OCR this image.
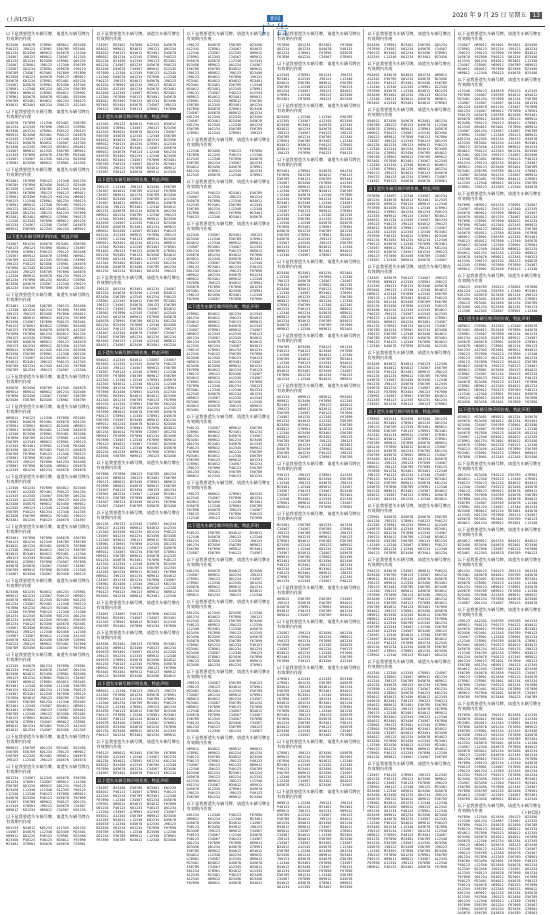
(上海1/3页)	新闻
广告
2020 年 9 月 25 日 星期五 13
以下是我要遗失车辆号牌，请遗失车辆号牌在有效期内作废
B23456	D45678	G78901	H89012	B23456
P40123	J90123	G78901	E56789	M23401
K01234	B23456	H89012	D45678	L12340
C34567	J90123	H89012	C34567	A12345
Q01234	Q01234	B23456	G78901	Q01234
C34567	G78901	J90123	L12340	E56789
C34567	Q01234	G78901	D45678	J90123
E56789	C34567	M23401	F67890	F67890
B23456	P40123	D45678	P40123	H89012
D45678	K01234	G78901	M23401	K01234
C34567	D45678	G78901	B23456	A12345
G78901	L12340	K01234	Q01234	E56789
G78901	H89012	G78901	N34012	G78901
G78901	D45678	D45678	M23401	B23456
E56789	M23401	N34012	Q01234	P40123
N34012	M23401	K01234	J90123	A12345
以下是我要遗失车辆号牌，请遗失车辆号牌在有效期内作废
D45678	F67890	L12340	M23401	E56789
Q01234	A12345	F67890	J90123	G78901
B23456	Q01234	G78901	P40123	J90123
H89012	B23456	M23401	P40123	D45678
A12345	C34567	L12340	L12340	K01234
P40123	D45678	N34012	C34567	A12345
B23456	A12345	J90123	N34012	N34012
C34567	H89012	A12345	E56789	H89012
A12345	F67890	D45678	E56789	M23401
C34567	C34567	A12345	K01234	B23456
G78901	B23456	H89012	G78901	A12345
以下是我要遗失车辆号牌，请遗失车辆号牌在有效期内作废
M23401	F67890	P40123	L12340	K01234
E56789	F67890	B23456	P40123	B23456
B23456	C34567	E56789	A12345	K01234
G78901	F67890	J90123	P40123	H89012
G78901	B23456	P40123	K01234	H89012
P40123	L12340	G78901	Q01234	P40123
G78901	H89012	L12340	M23401	P40123
J90123	Q01234	K01234	N34012	G78901
B23456	Q01234	J90123	K01234	F67890
M23401	M23401	H89012	G78901	P40123
L12340	A12345	F67890	H89012	Q01234
K01234	C34567	L12340	C34567	D45678
H89012	E56789	A12345	Q01234	H89012
以下遗失车辆号牌声明作废，特此声明
C34567	K01234	D45678	M23401	E56789
P40123	J90123	F67890	N34012	C34567
F67890	G78901	P40123	J90123	B23456
C34567	H89012	D45678	G78901	H89012
E56789	A12345	A12345	M23401	G78901
J90123	P40123	B23456	G78901	D45678
F67890	A12345	B23456	L12340	N34012
A12345	J90123	E56789	F67890	D45678
L12340	H89012	D45678	K01234	P40123
Q01234	F67890	Q01234	N34012	G78901
B23456	D45678	C34567	L12340	J90123
Q01234	E56789	F67890	E56789	C34567
以下是我要遗失车辆号牌，请遗失车辆号牌在有效期内作废
M23401	L12340	E56789	J90123	B23456
L12340	Q01234	K01234	F67890	F67890
J90123	J90123	B23456	F67890	N34012
M23401	H89012	H89012	K01234	F67890
B23456	C34567	F67890	P40123	M23401
P40123	G78901	N34012	G78901	B23456
P40123	F67890	D45678	D45678	A12345
F67890	F67890	Q01234	N34012	K01234
J90123	A12345	G78901	C34567	H89012
E56789	D45678	H89012	J90123	D45678
J90123	K01234	H89012	B23456	A12345
H89012	G78901	A12345	K01234	B23456
B23456	E56789	G78901	L12340	Q01234
P40123	C34567	A12345	N34012	Q01234
N34012	M23401	J90123	P40123	A12345
E56789	K01234	A12345	K01234	F67890
E56789	Q01234	J90123	C34567	L12340
以下是我要遗失车辆号牌，请遗失车辆号牌在有效期内作废
D45678	B23456	E56789	A12345	D45678
H89012	H89012	H89012	Q01234	B23456
F67890	B23456	C34567	C34567	E56789
B23456	E56789	B23456	G78901	E56789
以下是我要遗失车辆号牌，请遗失车辆号牌在有效期内作废
H89012	P40123	L12340	F67890	M23401
G78901	D45678	M23401	D45678	K01234
G78901	G78901	N34012	B23456	H89012
G78901	D45678	M23401	L12340	D45678
L12340	B23456	G78901	M23401	B23456
F67890	E56789	A12345	G78901	L12340
E56789	A12345	H89012	G78901	J90123
A12345	M23401	G78901	L12340	M23401
B23456	Q01234	M23401	P40123	D45678
E56789	F67890	P40123	L12340	P40123
G78901	F67890	M23401	C34567	M23401
J90123	J90123	F67890	K01234	B23456
G78901	F67890	B23456	H89012	D45678
A12345	Q01234	K01234	D45678	D45678
以下是我要遗失车辆号牌，请遗失车辆号牌在有效期内作废
L12340	K01234	F67890	N34012	B23456
C34567	A12345	M23401	P40123	K01234
A12345	A12345	C34567	E56789	Q01234
A12345	A12345	D45678	J90123	K01234
B23456	D45678	H89012	B23456	H89012
A12345	J90123	L12340	L12340	Q01234
E56789	P40123	K01234	L12340	A12345
B23456	E56789	H89012	M23401	J90123
M23401	Q01234	P40123	D45678	C34567
以下是我要遗失车辆号牌，请遗失车辆号牌在有效期内作废
M23401	F67890	F67890	D45678	E56789
P40123	Q01234	A12345	E56789	E56789
N34012	Q01234	M23401	D45678	F67890
L12340	J90123	N34012	J90123	E56789
N34012	M23401	N34012	M23401	L12340
J90123	A12345	M23401	Q01234	B23456
H89012	G78901	F67890	C34567	F67890
D45678	D45678	C34567	C34567	C34567
E56789	H89012	F67890	B23456	L12340
C34567	B23456	C34567	B23456	J90123
以下是我要遗失车辆号牌，请遗失车辆号牌在有效期内作废
B23456	K01234	N34012	Q01234	G78901
H89012	K01234	C34567	P40123	H89012
D45678	H89012	A12345	B23456	K01234
K01234	C34567	M23401	L12340	P40123
F67890	K01234	J90123	M23401	P40123
L12340	F67890	P40123	L12340	L12340
Q01234	A12345	B23456	K01234	Q01234
Q01234	D45678	A12345	M23401	E56789
K01234	P40123	B23456	D45678	M23401
C34567	B23456	N34012	N34012	N34012
H89012	J90123	L12340	B23456	L12340
C34567	C34567	N34012	L12340	A12345
D45678	K01234	B23456	E56789	G78901
P40123	J90123	H89012	M23401	F67890
E56789	B23456	B23456	C34567	F67890
以下是我要遗失车辆号牌，请遗失车辆号牌在有效期内作废
A12345	D45678	Q01234	F67890	G78901
K01234	P40123	D45678	C34567	Q01234
B23456	N34012	B23456	G78901	B23456
J90123	K01234	G78901	P40123	C34567
C34567	H89012	G78901	N34012	M23401
M23401	L12340	B23456	L12340	E56789
P40123	K01234	Q01234	L12340	P40123
C34567	M23401	A12345	F67890	J90123
F67890	N34012	J90123	E56789	C34567
C34567	E56789	K01234	L12340	M23401
M23401	L12340	C34567	N34012	H89012
M23401	G78901	J90123	C34567	N34012
E56789	L12340	J90123	B23456	M23401
P40123	G78901	N34012	G78901	K01234
D45678	G78901	C34567	H89012	G78901
H89012	Q01234	M23401	P40123	A12345
N34012	Q01234	C34567	B23456	A12345
以下是我要遗失车辆号牌，请遗失车辆号牌在有效期内作废
H89012	E56789	Q01234	M23401	B23456
E56789	E56789	K01234	J90123	H89012
E56789	A12345	M23401	H89012	D45678
J90123	L12340	J90123	D45678	D45678
以下是我要遗失车辆号牌，请遗失车辆号牌在有效期内作废
K01234	C34567	A12345	D45678	E56789
Q01234	G78901	C34567	H89012	L12340
E56789	Q01234	H89012	Q01234	P40123
B23456	L12340	L12340	A12345	P40123
L12340	L12340	P40123	F67890	H89012
D45678	B23456	P40123	D45678	F67890
C34567	E56789	H89012	P40123	Q01234
A12345	G78901	J90123	D45678	C34567
H89012	K01234	H89012	C34567	K01234
以下是我要遗失车辆号牌，请遗失车辆号牌在有效期内作废
K01234	N34012	K01234	A12345	K01234
C34567	D45678	L12340	B23456	M23401
H89012	Q01234	P40123	G78901	B23456
B23456	P40123	P40123	N34012	F67890
M23401	G78901	D45678	D45678	G78901
以下是我要遗失车辆号牌，请遗失车辆号牌在有效期内作废
C34567	M23401	F67890	A12345	D45678
N34012	H89012	N34012	J90123	Q01234
N34012	P40123	N34012	M23401	D45678
H89012	Q01234	A12345	G78901	P40123
K01234	B23456	A12345	J90123	M23401
K01234	C34567	Q01234	D45678	P40123
B23456	D45678	C34567	H89012	A12345
F67890	L12340	A12345	P40123	A12345
L12340	D45678	Q01234	F67890	L12340
P40123	J90123	N34012	D45678	J90123
Q01234	G78901	Q01234	J90123	N34012
A12345	A12345	Q01234	D45678	M23401
B23456	A12345	C34567	M23401	M23401
L12340	F67890	P40123	M23401	D45678
N34012	M23401	P40123	Q01234	B23456
M23401	M23401	D45678	C34567	J90123
J90123	J90123	P40123	G78901	F67890
以下遗失车辆号牌声明作废，特此声明
A12345	J90123	N34012	P40123	N34012
B23456	G78901	C34567	J90123	B23456
A12345	N34012	D45678	Q01234	C34567
E56789	D45678	A12345	L12340	E56789
N34012	N34012	J90123	Q01234	B23456
H89012	P40123	Q01234	G78901	A12345
N34012	P40123	M23401	C34567	D45678
H89012	D45678	P40123	L12340	K01234
D45678	M23401	K01234	L12340	B23456
M23401	M23401	C34567	F67890	M23401
E56789	P40123	C34567	Q01234	M23401
G78901	J90123	F67890	N34012	H89012
C34567	P40123	D45678	H89012	A12345
以下遗失车辆号牌声明作废，特此声明
J90123	L12340	J90123	B23456	E56789
C34567	N34012	E56789	A12345	F67890
C34567	H89012	Q01234	E56789	B23456
C34567	B23456	C34567	E56789	A12345
C34567	N34012	H89012	H89012	D45678
Q01234	J90123	M23401	L12340	N34012
Q01234	D45678	K01234	D45678	Q01234
H89012	Q01234	E56789	L12340	J90123
L12340	M23401	H89012	H89012	B23456
B23456	C34567	A12345	P40123	B23456
B23456	D45678	M23401	K01234	H89012
H89012	B23456	C34567	M23401	P40123
K01234	A12345	H89012	F67890	J90123
C34567	L12340	P40123	H89012	B23456
H89012	M23401	Q01234	K01234	H89012
L12340	M23401	A12345	M23401	G78901
M23401	J90123	P40123	D45678	G78901
K01234	M23401	P40123	B23456	N34012
F67890	K01234	M23401	C34567	L12340
A12345	M23401	M23401	A12345	K01234
B23456	D45678	B23456	E56789	Q01234
K01234	K01234	M23401	K01234	J90123
以下是我要遗失车辆号牌，请遗失车辆号牌在有效期内作废
J90123	Q01234	M23401	Q01234	C34567
K01234	D45678	B23456	L12340	N34012
B23456	E56789	A12345	K01234	P40123
G78901	A12345	N34012	E56789	M23401
J90123	C34567	D45678	J90123	E56789
P40123	C34567	E56789	C34567	N34012
G78901	F67890	A12345	C34567	A12345
A12345	Q01234	H89012	F67890	D45678
D45678	G78901	E56789	K01234	K01234
K01234	B23456	F67890	L12340	B23456
A12345	P40123	Q01234	C34567	J90123
C34567	A12345	D45678	C34567	C34567
C34567	E56789	Q01234	Q01234	Q01234
M23401	P40123	L12340	A12345	H89012
N34012	C34567	B23456	M23401	K01234
以下遗失车辆号牌声明作废，特此声明
N34012	A12345	N34012	C34567	C34567
M23401	A12345	A12345	D45678	P40123
A12345	J90123	C34567	H89012	E56789
C34567	P40123	L12340	G78901	L12340
E56789	F67890	E56789	H89012	E56789
A12345	L12340	L12340	G78901	D45678
A12345	N34012	L12340	K01234	L12340
F67890	Q01234	F67890	L12340	G78901
F67890	B23456	G78901	A12345	A12345
G78901	M23401	N34012	N34012	B23456
A12345	Q01234	E56789	P40123	F67890
Q01234	A12345	G78901	E56789	K01234
H89012	P40123	E56789	A12345	A12345
F67890	H89012	D45678	E56789	D45678
P40123	G78901	L12340	G78901	D45678
E56789	C34567	B23456	H89012	K01234
H89012	K01234	D45678	N34012	B23456
F67890	G78901	G78901	F67890	N34012
Q01234	N34012	F67890	C34567	Q01234
H89012	F67890	F67890	K01234	B23456
F67890	C34567	L12340	F67890	H89012
J90123	N34012	C34567	C34567	B23456
G78901	P40123	L12340	M23401	D45678
Q01234	K01234	H89012	F67890	G78901
B23456	E56789	H89012	J90123	B23456
以下是我要遗失车辆号牌，请遗失车辆号牌在有效期内作废
F67890	F67890	J90123	E56789	Q01234
Q01234	H89012	J90123	M23401	E56789
J90123	H89012	B23456	G78901	H89012
F67890	H89012	D45678	H89012	E56789
C34567	P40123	B23456	J90123	Q01234
G78901	Q01234	C34567	L12340	M23401
P40123	E56789	F67890	H89012	J90123
C34567	J90123	B23456	K01234	F67890
C34567	C34567	E56789	D45678	B23456
以下是我要遗失车辆号牌，请遗失车辆号牌在有效期内作废
Q01234	J90123	A12345	C34567	K01234
J90123	A12345	H89012	N34012	A12345
L12340	B23456	K01234	K01234	P40123
C34567	K01234	K01234	B23456	B23456
L12340	N34012	J90123	H89012	M23401
G78901	G78901	F67890	A12345	Q01234
A12345	N34012	J90123	C34567	D45678
H89012	C34567	K01234	E56789	G78901
H89012	E56789	H89012	D45678	A12345
K01234	D45678	M23401	F67890	P40123
A12345	A12345	L12340	D45678	B23456
A12345	M23401	Q01234	E56789	A12345
A12345	Q01234	H89012	M23401	F67890
H89012	J90123	Q01234	H89012	N34012
C34567	Q01234	Q01234	F67890	C34567
G78901	B23456	L12340	J90123	K01234
P40123	P40123	G78901	B23456	L12340
P40123	P40123	J90123	H89012	H89012
M23401	K01234	H89012	M23401	L12340
以下是我要遗失车辆号牌，请遗失车辆号牌在有效期内作废
C34567	C34567	P40123	F67890	K01234
M23401	M23401	C34567	C34567	M23401
A12345	G78901	N34012	M23401	A12345
E56789	M23401	F67890	K01234	F67890
以下是我要遗失车辆号牌，请遗失车辆号牌在有效期内作废
B23456	M23401	J90123	F67890	M23401
Q01234	H89012	B23456	P40123	Q01234
D45678	M23401	C34567	K01234	A12345
J90123	K01234	A12345	H89012	L12340
D45678	G78901	D45678	B23456	N34012
K01234	P40123	A12345	F67890	D45678
H89012	M23401	F67890	J90123	F67890
M23401	M23401	H89012	P40123	H89012
J90123	B23456	B23456	B23456	N34012
以下遗失车辆号牌声明作废，特此声明
H89012	L12340	P40123	J90123	J90123
A12345	F67890	Q01234	D45678	G78901
G78901	P40123	A12345	E56789	G78901
L12340	Q01234	E56789	M23401	P40123
P40123	L12340	G78901	J90123	Q01234
B23456	P40123	N34012	E56789	B23456
P40123	F67890	L12340	G78901	M23401
C34567	P40123	Q01234	N34012	M23401
D45678	B23456	G78901	C34567	G78901
D45678	B23456	D45678	K01234	F67890
Q01234	B23456	H89012	Q01234	A12345
P40123	K01234	M23401	Q01234	H89012
以下是我要遗失车辆号牌，请遗失车辆号牌在有效期内作废
P40123	H89012	M23401	E56789	F67890
E56789	A12345	L12340	C34567	K01234
Q01234	N34012	G78901	K01234	K01234
N34012	B23456	A12345	E56789	L12340
F67890	D45678	Q01234	C34567	B23456
C34567	M23401	D45678	P40123	K01234
以下遗失车辆号牌声明作废，特此声明
C34567	B23456	E56789	M23401	K01234
N34012	P40123	C34567	G78901	P40123
A12345	K01234	E56789	M23401	L12340
F67890	L12340	C34567	K01234	D45678
G78901	H89012	N34012	N34012	F67890
Q01234	P40123	K01234	P40123	Q01234
L12340	C34567	G78901	A12345	C34567
N34012	A12345	E56789	H89012	B23456
A12345	N34012	L12340	K01234	D45678
D45678	L12340	D45678	A12345	J90123
B23456	K01234	K01234	F67890	F67890
E56789	G78901	L12340	B23456	L12340
Q01234	E56789	H89012	L12340	G78901
F67890	E56789	N34012	L12340	B23456
以下是我要遗失车辆号牌，请遗失车辆号牌在有效期内作废
J90123	D45678	E56789	B23456
A12345	G78901	C34567	N34012
L12340	C34567	A12345	H89012
G78901	A12345	C34567	H89012
D45678	D45678	L12340	A12345
B23456	H89012	Q01234	C34567
E56789	E56789	N34012	H89012
J90123	H89012	J90123	B23456
J90123	N34012	F67890	J90123
M23401	N34012	N34012	M23401
M23401	M23401	E56789	L12340
N34012	M23401	A12345	G78901
J90123	C34567	P40123	A12345
H89012	N34012	M23401	H89012
G78901	A12345	H89012	E56789
E56789	A12345	M23401	Q01234
F67890	D45678	G78901	B23456
C34567	D45678	H89012	Q01234
K01234	A12345	A12345	B23456
C34567	M23401	B23456	D45678
K01234	A12345	L12340	Q01234
E56789	Q01234	E56789	E56789
G78901	A12345	G78901	J90123
以下是我要遗失车辆号牌，请遗失车辆号牌在有效期内作废
L12340	B23456	P40123	F67890
F67890	A12345	P40123	L12340
A12345	L12340	F67890	D45678
E56789	Q01234	C34567	Q01234
N34012	B23456	D45678	G78901
K01234	G78901	A12345	Q01234
A12345	D45678	L12340	G78901
以下是我要遗失车辆号牌，请遗失车辆号牌在有效期内作废
A12345	P40123	M23401	E56789
C34567	A12345	J90123	K01234
D45678	F67890	L12340	N34012
A12345	M23401	E56789	A12345
E56789	Q01234	L12340	L12340
F67890	J90123	F67890	M23401
P40123	L12340	M23401	D45678
以下是我要遗失车辆号牌，请遗失车辆号牌在有效期内作废
A12345	C34567	M23401	J90123
B23456	L12340	E56789	G78901
N34012	L12340	H89012	H89012
C34567	M23401	C34567	A12345
K01234	E56789	P40123	H89012
D45678	Q01234	N34012	F67890
N34012	A12345	D45678	M23401
J90123	C34567	E56789	L12340
J90123	M23401	Q01234	P40123
K01234	M23401	J90123	F67890
H89012	Q01234	D45678	K01234
H89012	M23401	H89012	L12340
F67890	J90123	N34012	G78901
D45678	F67890	F67890	Q01234
M23401	K01234	B23456	G78901
J90123	B23456	M23401	L12340
F67890	C34567	F67890	F67890
以下遗失车辆号牌声明作废，特此声明
G78901	N34012	Q01234	A12345
Q01234	N34012	J90123	N34012
N34012	H89012	P40123	H89012
C34567	H89012	D45678	A12345
C34567	G78901	H89012	C34567
H89012	A12345	A12345	P40123
Q01234	C34567	A12345	N34012
Q01234	D45678	P40123	N34012
A12345	K01234	C34567	N34012
J90123	G78901	Q01234	Q01234
A12345	P40123	E56789	F67890
B23456	A12345	P40123	P40123
H89012	A12345	M23401	C34567
B23456	B23456	H89012	K01234
F67890	N34012	Q01234	P40123
J90123	J90123	B23456	C34567
N34012	H89012	A12345	C34567
G78901	K01234	Q01234	F67890
F67890	L12340	K01234	J90123
M23401	L12340	L12340	K01234
A12345	D45678	K01234	Q01234
H89012	C34567	A12345	A12345
M23401	H89012	B23456	L12340
N34012	D45678	J90123	H89012
M23401	K01234	P40123	D45678
以下是我要遗失车辆号牌，请遗失车辆号牌在有效期内作废
P40123	C34567	H89012	E56789
G78901	H89012	M23401	K01234
Q01234	N34012	D45678	C34567
M23401	H89012	K01234	B23456
Q01234	M23401	D45678	A12345
P40123	H89012	A12345	H89012
F67890	H89012	Q01234	E56789
M23401	N34012	L12340	E56789
E56789	P40123	H89012	Q01234
G78901	N34012	C34567	K01234
J90123	F67890	P40123	E56789
Q01234	M23401	E56789	E56789
H89012	A12345	P40123	K01234
以下是我要遗失车辆号牌，请遗失车辆号牌在有效期内作废
J90123	H89012	G78901	K01234
A12345	C34567	F67890	Q01234
N34012	B23456	L12340	M23401
D45678	L12340	G78901	E56789
F67890	D45678	J90123	C34567
J90123	J90123	F67890	P40123
L12340	J90123	K01234	F67890
以下遗失车辆号牌声明作废，特此声明
P40123	E56789	N34012	N34012
L12340	D45678	J90123	L12340
K01234	G78901	L12340	J90123
Q01234	B23456	E56789	H89012
E56789	F67890	H89012	M23401
C34567	E56789	P40123	C34567
以下是我要遗失车辆号牌，请遗失车辆号牌在有效期内作废
K01234	D45678	N34012	B23456
C34567	H89012	Q01234	J90123
G78901	J90123	Q01234	C34567
G78901	L12340	A12345	Q01234
D45678	H89012	H89012	Q01234
Q01234	J90123	D45678	N34012
H89012	K01234	J90123	L12340
以下是我要遗失车辆号牌，请遗失车辆号牌在有效期内作废
K01234	A12345	B23456	L12340
Q01234	N34012	F67890	J90123
A12345	Q01234	E56789	B23456
P40123	H89012	J90123	L12340
L12340	M23401	L12340	D45678
B23456	F67890	J90123	A12345
B23456	B23456	Q01234	D45678
D45678	E56789	E56789	F67890
G78901	K01234	Q01234	P40123
M23401	G78901	Q01234	Q01234
B23456	C34567	L12340	J90123
N34012	G78901	B23456	F67890
J90123	B23456	E56789	H89012
B23456	Q01234	K01234	G78901
以下是我要遗失车辆号牌，请遗失车辆号牌在有效期内作废
J90123	C34567	E56789	P40123
J90123	J90123	N34012	G78901
M23401	M23401	A12345	E56789
C34567	Q01234	H89012	G78901
H89012	N34012	Q01234	C34567
M23401	C34567	E56789	K01234
H89012	F67890	P40123	F67890
L12340	Q01234	C34567	N34012
D45678	F67890	C34567	C34567
E56789	A12345	C34567	F67890
P40123	K01234	B23456	C34567
Q01234	P40123	E56789	J90123
B23456	L12340	Q01234	C34567
以下是我要遗失车辆号牌，请遗失车辆号牌在有效期内作废
H89012	N34012	H89012	H89012
G78901	H89012	K01234	Q01234
P40123	E56789	N34012	B23456
P40123	G78901	J90123	P40123
C34567	J90123	K01234	H89012
L12340	J90123	P40123	E56789
B23456	K01234	M23401	K01234
D45678	J90123	K01234	A12345
A12345	H89012	J90123	L12340
K01234	C34567	N34012	H89012
D45678	A12345	G78901	D45678
J90123	P40123	J90123	P40123
E56789	K01234	H89012	B23456
以下是我要遗失车辆号牌，请遗失车辆号牌在有效期内作废
K01234	L12340	P40123	F67890
H89012	K01234	L12340	M23401
D45678	B23456	N34012	C34567
P40123	B23456	N34012	J90123
B23456	J90123	H89012	C34567
P40123	C34567	L12340	D45678
P40123	C34567	P40123	C34567
Q01234	F67890	F67890	H89012
B23456	Q01234	D45678	G78901
E56789	H89012	N34012	N34012
N34012	L12340	Q01234	H89012
G78901	C34567	A12345	H89012
M23401	N34012	D45678	D45678
E56789	C34567	A12345	N34012
K01234	G78901	N34012	A12345
A12345	M23401	P40123	B23456
A12345	H89012	B23456	B23456
F67890	H89012	D45678	N34012
以下是我要遗失车辆号牌，请遗失车辆号牌在有效期内作废
F67890	Q01234	M23401	F67890
Q01234	Q01234	D45678	P40123
Q01234	G78901	F67890	D45678
F67890	K01234	C34567	G78901
以下是我要遗失车辆号牌，请遗失车辆号牌在有效期内作废
A12345	G78901	K01234	J90123
M23401	A12345	J90123	L12340
N34012	E56789	H89012	E56789
E56789	L12340	Q01234	P40123
K01234	C34567	J90123	N34012
G78901	L12340	J90123	B23456
M23401	F67890	J90123	B23456
以下是我要遗失车辆号牌，请遗失车辆号牌在有效期内作废
B23456	L12340	L12340	E56789
A12345	C34567	A12345	B23456
B23456	M23401	D45678	A12345
N34012	Q01234	D45678	M23401
J90123	C34567	P40123	J90123
E56789	K01234	E56789	A12345
G78901	E56789	M23401	L12340
N34012	N34012	P40123	G78901
N34012	F67890	H89012	A12345
J90123	F67890	P40123	P40123
以下是我要遗失车辆号牌，请遗失车辆号牌在有效期内作废
M23401	G78901	D45678	K01234
F67890	K01234	N34012	P40123
E56789	P40123	E56789	M23401
C34567	B23456	F67890	A12345
L12340	H89012	Q01234	G78901
L12340	G78901	N34012	E56789
L12340	D45678	L12340	F67890
A12345	F67890	K01234	M23401
M23401	B23456	L12340	C34567
C34567	F67890	B23456	C34567
C34567	P40123	H89012	G78901
A12345	L12340	L12340	Q01234
B23456	E56789	A12345	B23456
L12340	L12340	D45678	D45678
F67890	M23401	G78901	G78901
D45678	K01234	E56789	Q01234
E56789	G78901	G78901	M23401
D45678	A12345	J90123	C34567
C34567	A12345	J90123	E56789
K01234	N34012	N34012	L12340
H89012	C34567	M23401	N34012
L12340	C34567	G78901	N34012
以下是我要遗失车辆号牌，请遗失车辆号牌在有效期内作废
B23456	M23401	K01234	M23401
L12340	C34567	F67890	L12340
J90123	D45678	C34567	C34567
P40123	H89012	G78901	K01234
B23456	N34012	P40123	F67890
L12340	C34567	M23401	G78901
N34012	K01234	J90123	E56789
H89012	G78901	Q01234	L12340
G78901	E56789	L12340	A12345
K01234	P40123	K01234	H89012
L12340	K01234	D45678	H89012
H89012	D45678	M23401	J90123
Q01234	N34012	E56789	N34012
D45678	C34567	E56789	F67890
H89012	L12340	H89012	M23401
以下是我要遗失车辆号牌，请遗失车辆号牌在有效期内作废
E56789	B23456	P40123	K01234
P40123	P40123	B23456	F67890
L12340	C34567	N34012	L12340
E56789	N34012	E56789	M23401
L12340	P40123	A12345	N34012
Q01234	K01234	M23401	P40123
N34012	M23401	B23456	C34567
F67890	Q01234	Q01234	P40123
Q01234	L12340	N34012	H89012
以下是我要遗失车辆号牌，请遗失车辆号牌在有效期内作废
Q01234	H89012	H89012	M23401
H89012	B23456	F67890	A12345
M23401	C34567	J90123	N34012
J90123	H89012	N34012	A12345
E56789	C34567	P40123	F67890
C34567	K01234	A12345	F67890
K01234	N34012	A12345	E56789
B23456	M23401	B23456	E56789
N34012	G78901	N34012	L12340
L12340	B23456	M23401	E56789
H89012	H89012	M23401	J90123
E56789	E56789	J90123	J90123
J90123	Q01234	L12340	M23401
D45678	B23456	G78901	M23401
E56789	Q01234	P40123	J90123
M23401	C34567	G78901	E56789
以下是我要遗失车辆号牌，请遗失车辆号牌在有效期内作废
P40123	J90123	G78901	A12345
J90123	H89012	B23456	E56789
L12340	J90123	D45678	J90123
M23401	L12340	H89012	C34567
C34567	P40123	C34567	B23456
C34567	C34567	N34012	M23401
L12340	M23401	A12345	A12345
G78901	H89012	K01234	C34567
H89012	P40123	F67890	G78901
以下是我要遗失车辆号牌，请遗失车辆号牌在有效期内作废
M23401	E56789	Q01234	Q01234
C34567	C34567	E56789	G78901
J90123	E56789	G78901	J90123
F67890	K01234	H89012	P40123
G78901	N34012	E56789	E56789
B23456	A12345	J90123	H89012
H89012	L12340	K01234	A12345
C34567	N34012	C34567	D45678
H89012	E56789	G78901	B23456
M23401	D45678	B23456	B23456
P40123	M23401	J90123	Q01234
K01234	L12340	M23401	A12345
P40123	M23401	H89012	J90123
G78901	E56789	C34567	A12345
Q01234	A12345	C34567	P40123
以下是我要遗失车辆号牌，请遗失车辆号牌在有效期内作废
H89012	E56789	E56789	C34567
J90123	D45678	E56789	N34012
D45678	G78901	G78901	N34012
N34012	P40123	E56789	Q01234
H89012	C34567	E56789	N34012
以下是我要遗失车辆号牌，请遗失车辆号牌在有效期内作废
C34567	J90123	B23456	Q01234
A12345	G78901	K01234	H89012
J90123	K01234	F67890	Q01234
F67890	B23456	A12345	D45678
C34567	C34567	K01234	P40123
N34012	Q01234	L12340	F67890
M23401	A12345	D45678	E56789
F67890	P40123	B23456	A12345
以下是我要遗失车辆号牌，请遗失车辆号牌在有效期内作废
G78901	A12345	A12345	B23456
G78901	Q01234	E56789	D45678
N34012	J90123	N34012	Q01234
E56789	L12340	M23401	N34012
D45678	M23401	L12340	N34012
F67890	C34567	Q01234	N34012
N34012	Q01234	M23401	Q01234
E56789	G78901	B23456	G78901
F67890	J90123	L12340	Q01234
M23401	J90123	J90123	D45678
F67890	K01234	D45678	K01234
K01234	E56789	M23401	P40123
N34012	B23456	P40123	D45678
B23456	A12345	N34012	C34567
L12340	C34567	M23401	F67890
以下是我要遗失车辆号牌，请遗失车辆号牌在有效期内作废
G78901	J90123	B23456	D45678
H89012	K01234	E56789	M23401
F67890	A12345	N34012	L12340
M23401	A12345	A12345	A12345
P40123	M23401	B23456	M23401
E56789	H89012	B23456	C34567
L12340	D45678	K01234	Q01234
L12340	C34567	M23401	N34012
D45678	J90123	B23456	C34567
以下是我要遗失车辆号牌，请遗失车辆号牌在有效期内作废
H89012	L12340	J90123	J90123
P40123	K01234	M23401	M23401
H89012	J90123	K01234	H89012
E56789	A12345	C34567	J90123
E56789	N34012	J90123	N34012
Q01234	N34012	B23456	Q01234
N34012	H89012	C34567	N34012
H89012	C34567	F67890	G78901
C34567	N34012	L12340	M23401
J90123	N34012	E56789	B23456
C34567	C34567	M23401	C34567
N34012	A12345	D45678	L12340
E56789	L12340	B23456	Q01234
B23456	K01234	H89012	M23401
J90123	D45678	D45678	E56789
L12340	M23401	F67890	C34567
N34012	B23456	C34567	P40123
Q01234	B23456	F67890	F67890
E56789	K01234	L12340	E56789
C34567	F67890	H89012	D45678
N34012	D45678	G78901	H89012
Q01234	A12345	M23401	B23456
以下是我要遗失车辆号牌，请遗失车辆号牌在有效期内作废
B23456	G78901	M23401	E56789	Q01234
F67890	C34567	K01234	D45678	C34567
P40123	M23401	K01234	B23456	G78901
A12345	L12340	K01234	M23401	B23456
以下是我要遗失车辆号牌，请遗失车辆号牌在有效期内作废
M23401	D45678	N34012	Q01234	H89012
A12345	E56789	Q01234	D45678	B23456
A12345	P40123	M23401	B23456	E56789
L12340	L12340	A12345	G78901	A12345
F67890	D45678	L12340	N34012	K01234
B23456	M23401	Q01234	J90123	K01234
L12340	J90123	N34012	D45678	H89012
M23401	A12345	M23401	N34012	G78901
以下是我要遗失车辆号牌，请遗失车辆号牌在有效期内作废
N34012	B23456	D45678	M23401	Q01234
E56789	J90123	P40123	D45678	L12340
D45678	G78901	H89012	G78901	D45678
H89012	P40123	C34567	A12345	B23456
J90123	H89012	F67890	P40123	F67890
C34567	J90123	A12345	P40123	Q01234
Q01234	Q01234	J90123	H89012	P40123
L12340	A12345	Q01234	N34012	B23456
K01234	G78901	B23456	E56789	N34012
E56789	G78901	H89012	E56789	H89012
M23401	F67890	M23401	C34567	A12345
L12340	A12345	L12340	N34012	N34012
L12340	G78901	Q01234	H89012	Q01234
P40123	J90123	N34012	P40123	D45678
J90123	J90123	Q01234	G78901	C34567
C34567	P40123	D45678	D45678	G78901
以下遗失车辆号牌声明作废，特此声明
F67890	C34567	L12340	C34567	Q01234
Q01234	D45678	N34012	M23401	A12345
D45678	H89012	P40123	H89012	L12340
F67890	B23456	K01234	L12340	G78901
N34012	G78901	Q01234	K01234	P40123
A12345	H89012	J90123	C34567	N34012
N34012	K01234	A12345	C34567	Q01234
J90123	P40123	J90123	N34012	J90123
N34012	D45678	G78901	C34567	C34567
A12345	A12345	A12345	L12340	M23401
F67890	P40123	N34012	G78901	B23456
K01234	M23401	K01234	K01234	L12340
P40123	D45678	L12340	F67890	M23401
C34567	H89012	M23401	J90123	K01234
J90123	D45678	C34567	K01234	J90123
J90123	F67890	B23456	E56789	C34567
C34567	L12340	H89012	D45678	C34567
以下是我要遗失车辆号牌，请遗失车辆号牌在有效期内作废
C34567	D45678	P40123	C34567	J90123
F67890	H89012	A12345	G78901	J90123
A12345	J90123	P40123	B23456	D45678
M23401	J90123	L12340	L12340	N34012
H89012	A12345	F67890	A12345	E56789
J90123	L12340	M23401	N34012	P40123
Q01234	K01234	B23456	E56789	E56789
K01234	B23456	F67890	A12345	P40123
B23456	K01234	A12345	A12345	N34012
P40123	J90123	C34567	A12345	A12345
P40123	L12340	Q01234	H89012	G78901
M23401	H89012	K01234	M23401	C34567
K01234	G78901	P40123	Q01234	C34567
E56789	Q01234	G78901	K01234	B23456
J90123	E56789	L12340	B23456	N34012
E56789	E56789	J90123	D45678	M23401
P40123	P40123	L12340	F67890	N34012
L12340	D45678	F67890	B23456	A12345
以下是我要遗失车辆号牌，请遗失车辆号牌在有效期内作废
B23456	N34012	N34012	P40123	L12340
Q01234	N34012	N34012	C34567	E56789
K01234	P40123	M23401	H89012	J90123
K01234	Q01234	H89012	E56789	F67890
D45678	C34567	B23456	B23456	L12340
K01234	J90123	D45678	E56789	A12345
D45678	K01234	P40123	C34567	Q01234
J90123	F67890	M23401	J90123	F67890
G78901	C34567	G78901	E56789	N34012
A12345	P40123	A12345	K01234	K01234
C34567	K01234	P40123	J90123	G78901
以下遗失车辆号牌声明作废，特此声明
G78901	K01234	B23456	B23456	Q01234
A12345	M23401	G78901	Q01234	Q01234
J90123	E56789	A12345	M23401	H89012
F67890	E56789	P40123	G78901	M23401
A12345	K01234	H89012	C34567	G78901
P40123	N34012	C34567	G78901	G78901
E56789	H89012	F67890	D45678	H89012
Q01234	F67890	N34012	N34012	C34567
Q01234	D45678	Q01234	E56789	K01234
E56789	D45678	G78901	H89012	C34567
B23456	Q01234	J90123	Q01234	D45678
N34012	J90123	J90123	F67890	C34567
H89012	J90123	E56789	F67890	P40123
F67890	K01234	M23401	M23401	L12340
J90123	P40123	Q01234	L12340	C34567
P40123	K01234	A12345	P40123	M23401
P40123	E56789	H89012	D45678	K01234
D45678	F67890	E56789	G78901	L12340
K01234	H89012	M23401	C34567	N34012
N34012	C34567	P40123	G78901	D45678
A12345	Q01234	K01234	L12340	N34012
以下是我要遗失车辆号牌，请遗失车辆号牌在有效期内作废
G78901	D45678	D45678	D45678	E56789
Q01234	J90123	G78901	P40123	P40123
A12345	G78901	K01234	H89012	A12345
D45678	D45678	A12345	B23456	M23401
P40123	K01234	F67890	A12345	C34567
J90123	N34012	E56789	L12340	N34012
D45678	E56789	E56789	J90123	K01234
L12340	L12340	C34567	G78901	P40123
F67890	Q01234	L12340	K01234	L12340
J90123	F67890	B23456	M23401	Q01234
以下是我要遗失车辆号牌，请遗失车辆号牌在有效期内作废
P40123	D45678	C34567	H89012	P40123
B23456	E56789	P40123	C34567	K01234
H89012	M23401	P40123	D45678	D45678
J90123	H89012	A12345	B23456	M23401
J90123	M23401	E56789	E56789	B23456
L12340	J90123	H89012	D45678	N34012
F67890	F67890	J90123	B23456	J90123
B23456	C34567	C34567	P40123	Q01234
K01234	E56789	P40123	F67890	N34012
E56789	N34012	P40123	M23401	F67890
N34012	J90123	G78901	B23456	D45678
H89012	B23456	A12345	N34012	E56789
H89012	A12345	A12345	A12345	F67890
N34012	A12345	E56789	A12345	Q01234
E56789	A12345	C34567	L12340	E56789
A12345	A12345	C34567	B23456	J90123
C34567	L12340	N34012	L12340	E56789
C34567	B23456	D45678	A12345	N34012
A12345	P40123	F67890	Q01234	A12345
Q01234	K01234	A12345	D45678	E56789
C34567	G78901	G78901	Q01234	B23456
G78901	L12340	J90123	M23401	Q01234
以下是我要遗失车辆号牌，请遗失车辆号牌在有效期内作废
A12345	L12340	A12345	G78901	C34567
M23401	G78901	C34567	H89012	K01234
A12345	J90123	E56789	D45678	H89012
Q01234	D45678	J90123	Q01234	F67890
F67890	L12340	A12345	C34567	K01234
M23401	G78901	D45678	P40123	K01234
N34012	N34012	B23456	N34012	A12345
D45678	M23401	P40123	J90123	P40123
N34012	H89012	M23401	E56789	E56789
M23401	K01234	J90123	D45678	F67890
J90123	L12340	M23401	N34012	H89012
F67890	M23401	A12345	J90123	L12340
N34012	M23401	B23456	C34567	F67890
G78901	J90123	M23401	A12345	G78901
G78901	F67890	B23456	M23401	N34012
B23456	C34567	N34012	M23401	B23456
N34012	J90123	Q01234	D45678	N34012
B23456	F67890	B23456	A12345	M23401
L12340	B23456	N34012	A12345	M23401
P40123	K01234	F67890	H89012	N34012
G78901	P40123	A12345	F67890	L12340
K01234	H89012	C34567	C34567	E56789
以下是我要遗失车辆号牌，请遗失车辆号牌在有效期内作废
C34567	P40123	G78901	J90123	A12345
Q01234	P40123	J90123	B23456	H89012
N34012	C34567	P40123	F67890	J90123
G78901	J90123	L12340	J90123	M23401
B23456	L12340	H89012	B23456	D45678
B23456	B23456	K01234	Q01234	J90123
D45678	J90123	N34012	H89012	E56789
G78901	N34012	K01234	L12340	L12340
P40123	B23456	H89012	J90123	A12345
K01234	Q01234	P40123	G78901	L12340
B23456	H89012	Q01234	B23456	B23456
F67890	D45678	K01234	C34567	A12345
L12340	P40123	N34012	H89012	P40123
B23456	K01234	L12340	D45678	F67890
J90123	K01234	C34567	Q01234	L12340
H89012	G78901	P40123	M23401	C34567
K01234	F67890	M23401	E56789	L12340
K01234	E56789	C34567	A12345	B23456
D45678	J90123	B23456	E56789	J90123
L12340	M23401	F67890	E56789	B23456
J90123	F67890	K01234	G78901	E56789
P40123	H89012	H89012	C34567	A12345
F67890	A12345	J90123	F67890	L12340
H89012	P40123	M23401	D45678	F67890
以下是我要遗失车辆号牌，请遗失车辆号牌在有效期内作废
C34567	H89012	M23401	M23401	B23456
G78901	J90123	K01234	J90123	Q01234
J90123	J90123	F67890	F67890	N34012
D45678	F67890	P40123	Q01234	B23456
A12345	Q01234	N34012	M23401	L12340
C34567	G78901	H89012	E56789	H89012
N34012	N34012	F67890	B23456	B23456
H89012	L12340	J90123	D45678	B23456
以下是我要遗失车辆号牌，请遗失车辆号牌在有效期内作废
L12340	J90123	D45678	P40123	A12345
F67890	C34567	E56789	N34012	N34012
M23401	Q01234	F67890	Q01234	E56789
C34567	C34567	C34567	K01234	Q01234
Q01234	D45678	K01234	C34567	F67890
K01234	C34567	H89012	F67890	G78901
P40123	D45678	E56789	B23456	M23401
D45678	H89012	D45678	J90123	H89012
B23456	P40123	J90123	N34012	G78901
A12345	N34012	M23401	F67890	H89012
C34567	Q01234	C34567	C34567	E56789
G78901	C34567	L12340	J90123	H89012
K01234	A12345	K01234	J90123	D45678
A12345	M23401	K01234	A12345	M23401
J90123	B23456	A12345	H89012	K01234
N34012	P40123	A12345	K01234	B23456
M23401	Q01234	J90123	C34567	B23456
L12340	M23401	H89012	P40123	P40123
K01234	J90123	Q01234	N34012	C34567
H89012	J90123	B23456	M23401	E56789
M23401	E56789	E56789	K01234	G78901
C34567	B23456	K01234	C34567	H89012
E56789	M23401	F67890	N34012	G78901
A12345	L12340	H89012	Q01234	E56789
G78901	J90123	A12345	L12340	D45678
以下是我要遗失车辆号牌，请遗失车辆号牌在有效期内作废
F67890	H89012	K01234	G78901	C34567
C34567	N34012	J90123	L12340	A12345
D45678	H89012	F67890	H89012	C34567
D45678	N34012	Q01234	C34567	K01234
F67890	G78901	F67890	N34012	K01234
F67890	M23401	A12345	A12345	H89012
A12345	P40123	H89012	D45678	E56789
D45678	N34012	L12340	B23456	F67890
H89012	G78901	E56789	A12345	M23401
P40123	N34012	F67890	L12340	D45678
N34012	B23456	L12340	G78901	G78901
L12340	L12340	D45678	H89012	Q01234
N34012	K01234	K01234	L12340	H89012
D45678	D45678	H89012	A12345	P40123
A12345	J90123	Q01234	J90123	D45678
A12345	G78901	F67890	F67890	C34567
H89012	G78901	B23456	P40123	L12340
以下是我要遗失车辆号牌，请遗失车辆号牌在有效期内作废
J90123	E56789	J90123	G78901	F67890
K01234	L12340	E56789	L12340	M23401
K01234	D45678	B23456	K01234	J90123
B23456	M23401	D45678	D45678	G78901
J90123	M23401	B23456	Q01234	E56789
B23456	Q01234	B23456	Q01234	P40123
L12340	A12345	C34567	G78901	L12340
以下遗失车辆号牌声明作废，特此声明
H89012	G78901	A12345	L12340	D45678
M23401	N34012	B23456	F67890	D45678
G78901	C34567	F67890	K01234	K01234
K01234	A12345	D45678	H89012	C34567
D45678	D45678	G78901	D45678	G78901
D45678	H89012	G78901	Q01234	J90123
K01234	A12345	M23401	H89012	N34012
J90123	F67890	P40123	F67890	L12340
J90123	J90123	Q01234	D45678	K01234
J90123	F67890	P40123	N34012	E56789
N34012	D45678	J90123	P40123	C34567
H89012	G78901	B23456	J90123	N34012
G78901	C34567	K01234	J90123	K01234
C34567	P40123	J90123	N34012	P40123
D45678	B23456	P40123	A12345	F67890
G78901	H89012	A12345	N34012	Q01234
H89012	H89012	P40123	E56789	P40123
L12340	L12340	G78901	M23401	D45678
J90123	H89012	D45678	K01234	F67890
B23456	B23456	M23401	F67890	F67890
以下遗失车辆号牌声明作废，特此声明
N34012	M23401	H89012	Q01234	D45678
D45678	B23456	N34012	Q01234	M23401
B23456	C34567	E56789	G78901	B23456
B23456	C34567	F67890	L12340	L12340
D45678	F67890	J90123	D45678	K01234
C34567	L12340	N34012	N34012	A12345
G78901	Q01234	M23401	N34012	B23456
D45678	G78901	K01234	P40123	L12340
P40123	B23456	A12345	F67890	E56789
M23401	G78901	P40123	G78901	H89012
F67890	G78901	A12345	A12345	B23456
以下是我要遗失车辆号牌，请遗失车辆号牌在有效期内作废
Q01234	B23456	P40123	E56789	G78901
N34012	L12340	P40123	L12340	G78901
P40123	P40123	Q01234	N34012	N34012
L12340	C34567	P40123	B23456	D45678
J90123	J90123	H89012	D45678	H89012
F67890	F67890	E56789	D45678	E56789
F67890	K01234	G78901	D45678	N34012
E56789	C34567	E56789	D45678	L12340
G78901	K01234	C34567	L12340	Q01234
B23456	H89012	K01234	M23401	D45678
A12345	K01234	F67890	J90123	C34567
D45678	M23401	M23401	E56789	P40123
N34012	Q01234	H89012	M23401	L12340
以下是我要遗失车辆号牌，请遗失车辆号牌在有效期内作废
N34012	H89012	Q01234	N34012	N34012
B23456	B23456	D45678	M23401	B23456
B23456	F67890	C34567	P40123	F67890
M23401	A12345	D45678	E56789	P40123
以下是我要遗失车辆号牌，请遗失车辆号牌在有效期内作废
Q01234	P40123	P40123	J90123	K01234
M23401	D45678	N34012	E56789	D45678
P40123	M23401	B23456	E56789	M23401
D45678	G78901	J90123	A12345	L12340
K01234	P40123	H89012	G78901	D45678
D45678	E56789	H89012	F67890	L12340
B23456	F67890	A12345	H89012	H89012
M23401	Q01234	F67890	D45678	B23456
C34567	Q01234	C34567	J90123	D45678
以下是我要遗失车辆号牌，请遗失车辆号牌在有效期内作废
J90123	A12345	E56789	E56789	K01234
H89012	P40123	P40123	P40123	N34012
D45678	N34012	F67890	A12345	M23401
B23456	M23401	A12345	E56789	P40123
C34567	G78901	L12340	G78901	Q01234
L12340	G78901	E56789	D45678	G78901
M23401	N34012	P40123	N34012	N34012
D45678	Q01234	K01234	P40123	J90123
L12340	E56789	Q01234	G78901	N34012
K01234	D45678	P40123	A12345	H89012
Q01234	J90123	M23401	F67890	J90123
E56789	K01234	H89012	J90123	A12345
N34012	A12345	C34567	Q01234	B23456
E56789	D45678	B23456	P40123	C34567
J90123	G78901	B23456	P40123	D45678
G78901	G78901	M23401	K01234	K01234
F67890	C34567	P40123	K01234	F67890
K01234	M23401	K01234	F67890	F67890
H89012	F67890	M23401	D45678	C34567
E56789	F67890	B23456	J90123	E56789
以下是我要遗失车辆号牌，请遗失车辆号牌在有效期内作废
F67890	B23456	J90123	B23456	A12345
D45678	N34012	M23401	C34567	A12345
M23401	N34012	A12345	G78901	K01234
F67890	D45678	Q01234	F67890	H89012
E56789	G78901	K01234	A12345	B23456
B23456	J90123	K01234	F67890	D45678
J90123	M23401	K01234	E56789	M23401
A12345	D45678	M23401	Q01234	L12340
C34567	L12340	D45678	F67890	N34012
D45678	N34012	K01234	B23456	Q01234
J90123	C34567	D45678	A12345	Q01234
Q01234	H89012	P40123	J90123	F67890
F67890	J90123	Q01234	L12340	D45678
P40123	G78901	C34567	F67890	Q01234
J90123	Q01234	L12340	A12345	Q01234
A12345	P40123	P40123	F67890	K01234
B23456	B23456	J90123	A12345	M23401
C34567	B23456	L12340	P40123	M23401
E56789	B23456	F67890	A12345	C34567
F67890	E56789	K01234	B23456	G78901
N34012	C34567	A12345	C34567	M23401
E56789	B23456	H89012	N34012	A12345
以下是我要遗失车辆号牌，请遗失车辆号牌在有效期内作废
F67890	L12340	B23456	J90123	B23456
L12340	Q01234	C34567	C34567	A12345
F67890	P40123	D45678	B23456	E56789
P40123	P40123	N34012	H89012	Q01234
N34012	F67890	P40123	N34012	A12345
B23456	D45678	N34012	N34012	F67890
D45678	L12340	K01234	K01234	A12345
J90123	H89012	D45678	J90123	B23456
L12340	P40123	A12345	P40123	C34567
J90123	E56789	L12340	D45678	C34567
Q01234	F67890	A12345	E56789	G78901
E56789	B23456	M23401	F67890	P40123
P40123	L12340	B23456	D45678	K01234
A12345	B23456	J90123	C34567	Q01234
A12345	P40123	D45678	F67890	K01234
F67890	Q01234	N34012	M23401	F67890
P40123	M23401	N34012	D45678	P40123
P40123	D45678	H89012	P40123	F67890
A12345	E56789	A12345	P40123	H89012
K01234	H89012	Q01234	K01234	D45678
A12345	F67890	J90123	B23456	E56789
Q01234	L12340	N34012	L12340	C34567
F67890	E56789	Q01234	F67890	C34567
G78901	D45678	K01234	B23456	G78901
D45678	E56789	D45678	E56789	G78901
(下转C版)
